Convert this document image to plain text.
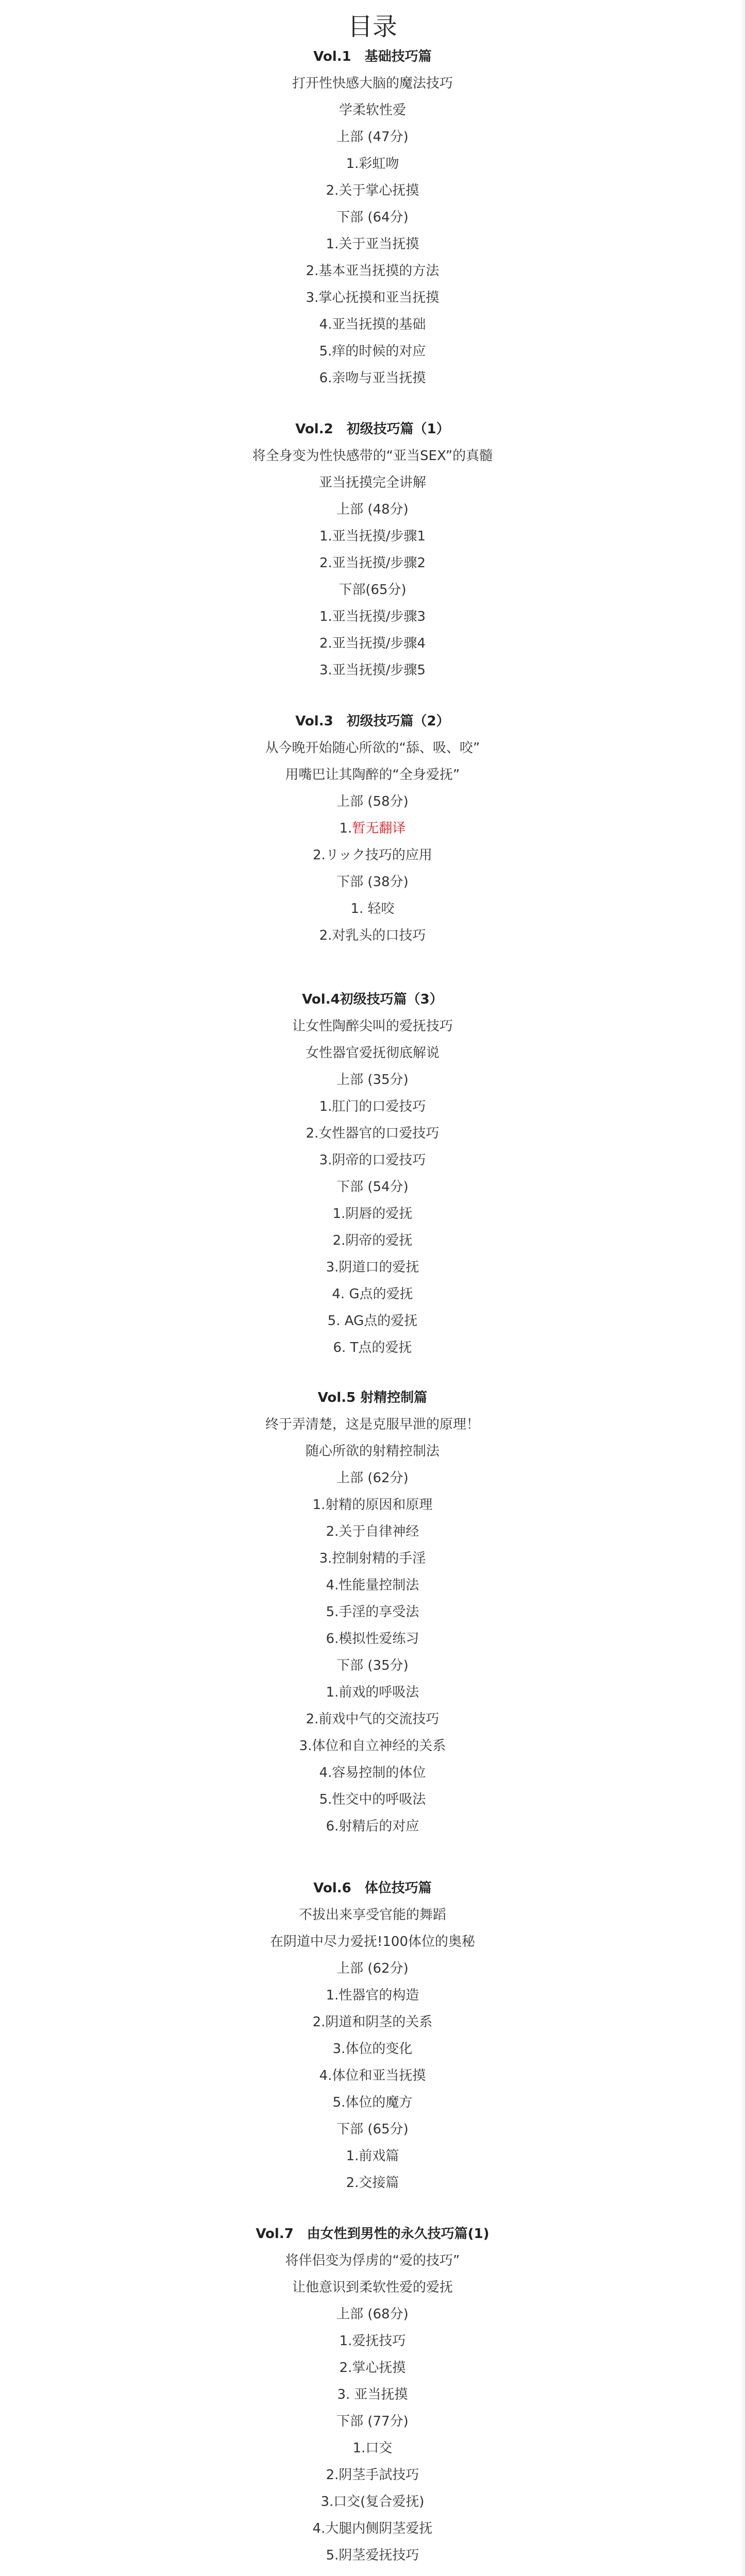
目录
Vol.1　基础技巧篇
打开性快感大脑的魔法技巧
学柔软性爱
上部 (47分)
1.彩虹吻
2.关于掌心抚摸
下部 (64分)
1.关于亚当抚摸
2.基本亚当抚摸的方法
3.掌心抚摸和亚当抚摸
4.亚当抚摸的基础
5.痒的时候的对应
6.亲吻与亚当抚摸
Vol.2　初级技巧篇（1）
将全身变为性快感带的“亚当SEX”的真髓
亚当抚摸完全讲解
上部 (48分)
1.亚当抚摸/步骤1
2.亚当抚摸/步骤2
下部(65分)
1.亚当抚摸/步骤3
2.亚当抚摸/步骤4
3.亚当抚摸/步骤5
Vol.3　初级技巧篇（2）
从今晚开始随心所欲的“舔、吸、咬”
用嘴巴让其陶醉的“全身爱抚”
上部 (58分)
1.暂无翻译
2.リック技巧的应用
下部 (38分)
1. 轻咬
2.对乳头的口技巧
Vol.4初级技巧篇（3）
让女性陶醉尖叫的爱抚技巧
女性器官爱抚彻底解说
上部 (35分)
1.肛门的口爱技巧
2.女性器官的口爱技巧
3.阴帝的口爱技巧
下部 (54分)
1.阴唇的爱抚
2.阴帝的爱抚
3.阴道口的爱抚
4. G点的爱抚
5. AG点的爱抚
6. T点的爱抚
Vol.5 射精控制篇
终于弄清楚，这是克服早泄的原理！
随心所欲的射精控制法
上部 (62分)
1.射精的原因和原理
2.关于自律神经
3.控制射精的手淫
4.性能量控制法
5.手淫的享受法
6.模拟性爱练习
下部 (35分)
1.前戏的呼吸法
2.前戏中气的交流技巧
3.体位和自立神经的关系
4.容易控制的体位
5.性交中的呼吸法
6.射精后的对应
Vol.6　体位技巧篇
不拔出来享受官能的舞蹈
在阴道中尽力爱抚!100体位的奥秘
上部 (62分)
1.性器官的构造
2.阴道和阴茎的关系
3.体位的变化
4.体位和亚当抚摸
5.体位的魔方
下部 (65分)
1.前戏篇
2.交接篇
Vol.7　由女性到男性的永久技巧篇(1)
将伴侣变为俘虏的“爱的技巧”
让他意识到柔软性爱的爱抚
上部 (68分)
1.爱抚技巧
2.掌心抚摸
3. 亚当抚摸
下部 (77分)
1.口交
2.阴茎手試技巧
3.口交(复合爱抚)
4.大腿内侧阴茎爱抚
5.阴茎爱抚技巧
